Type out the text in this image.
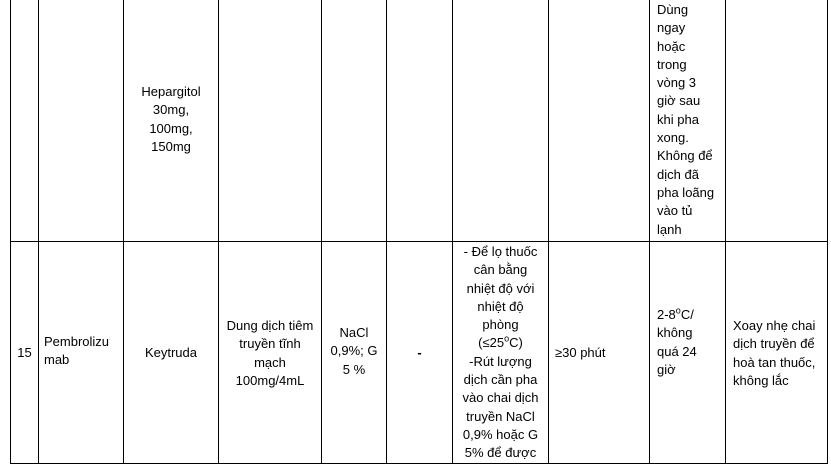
Hepargitol
30mg,
100mg,
150mg
Dùng
ngay
hoặc
trong
vòng 3
giờ sau
khi pha
xong.
Không để
dịch đã
pha loãng
vào tủ
lạnh
15
Pembrolizu
mab	Keytruda
Dung dịch tiêm
truyền tĩnh
mạch
100mg/4mL
NaCl
0,9%; G
5 %
-
- Để lọ thuốc
cân bằng
nhiệt độ với
nhiệt độ
phòng
$(\le 25^oC)$
-Rút lượng
dịch cần pha
vào chai dịch
truyền NaCl
0,9% hoặc G
5% để được
≥30 phút
2-8$^o$C/
không
quá 24
giờ
Xoay nhẹ chai
dịch truyền để
hoà tan thuốc,
không lắc
